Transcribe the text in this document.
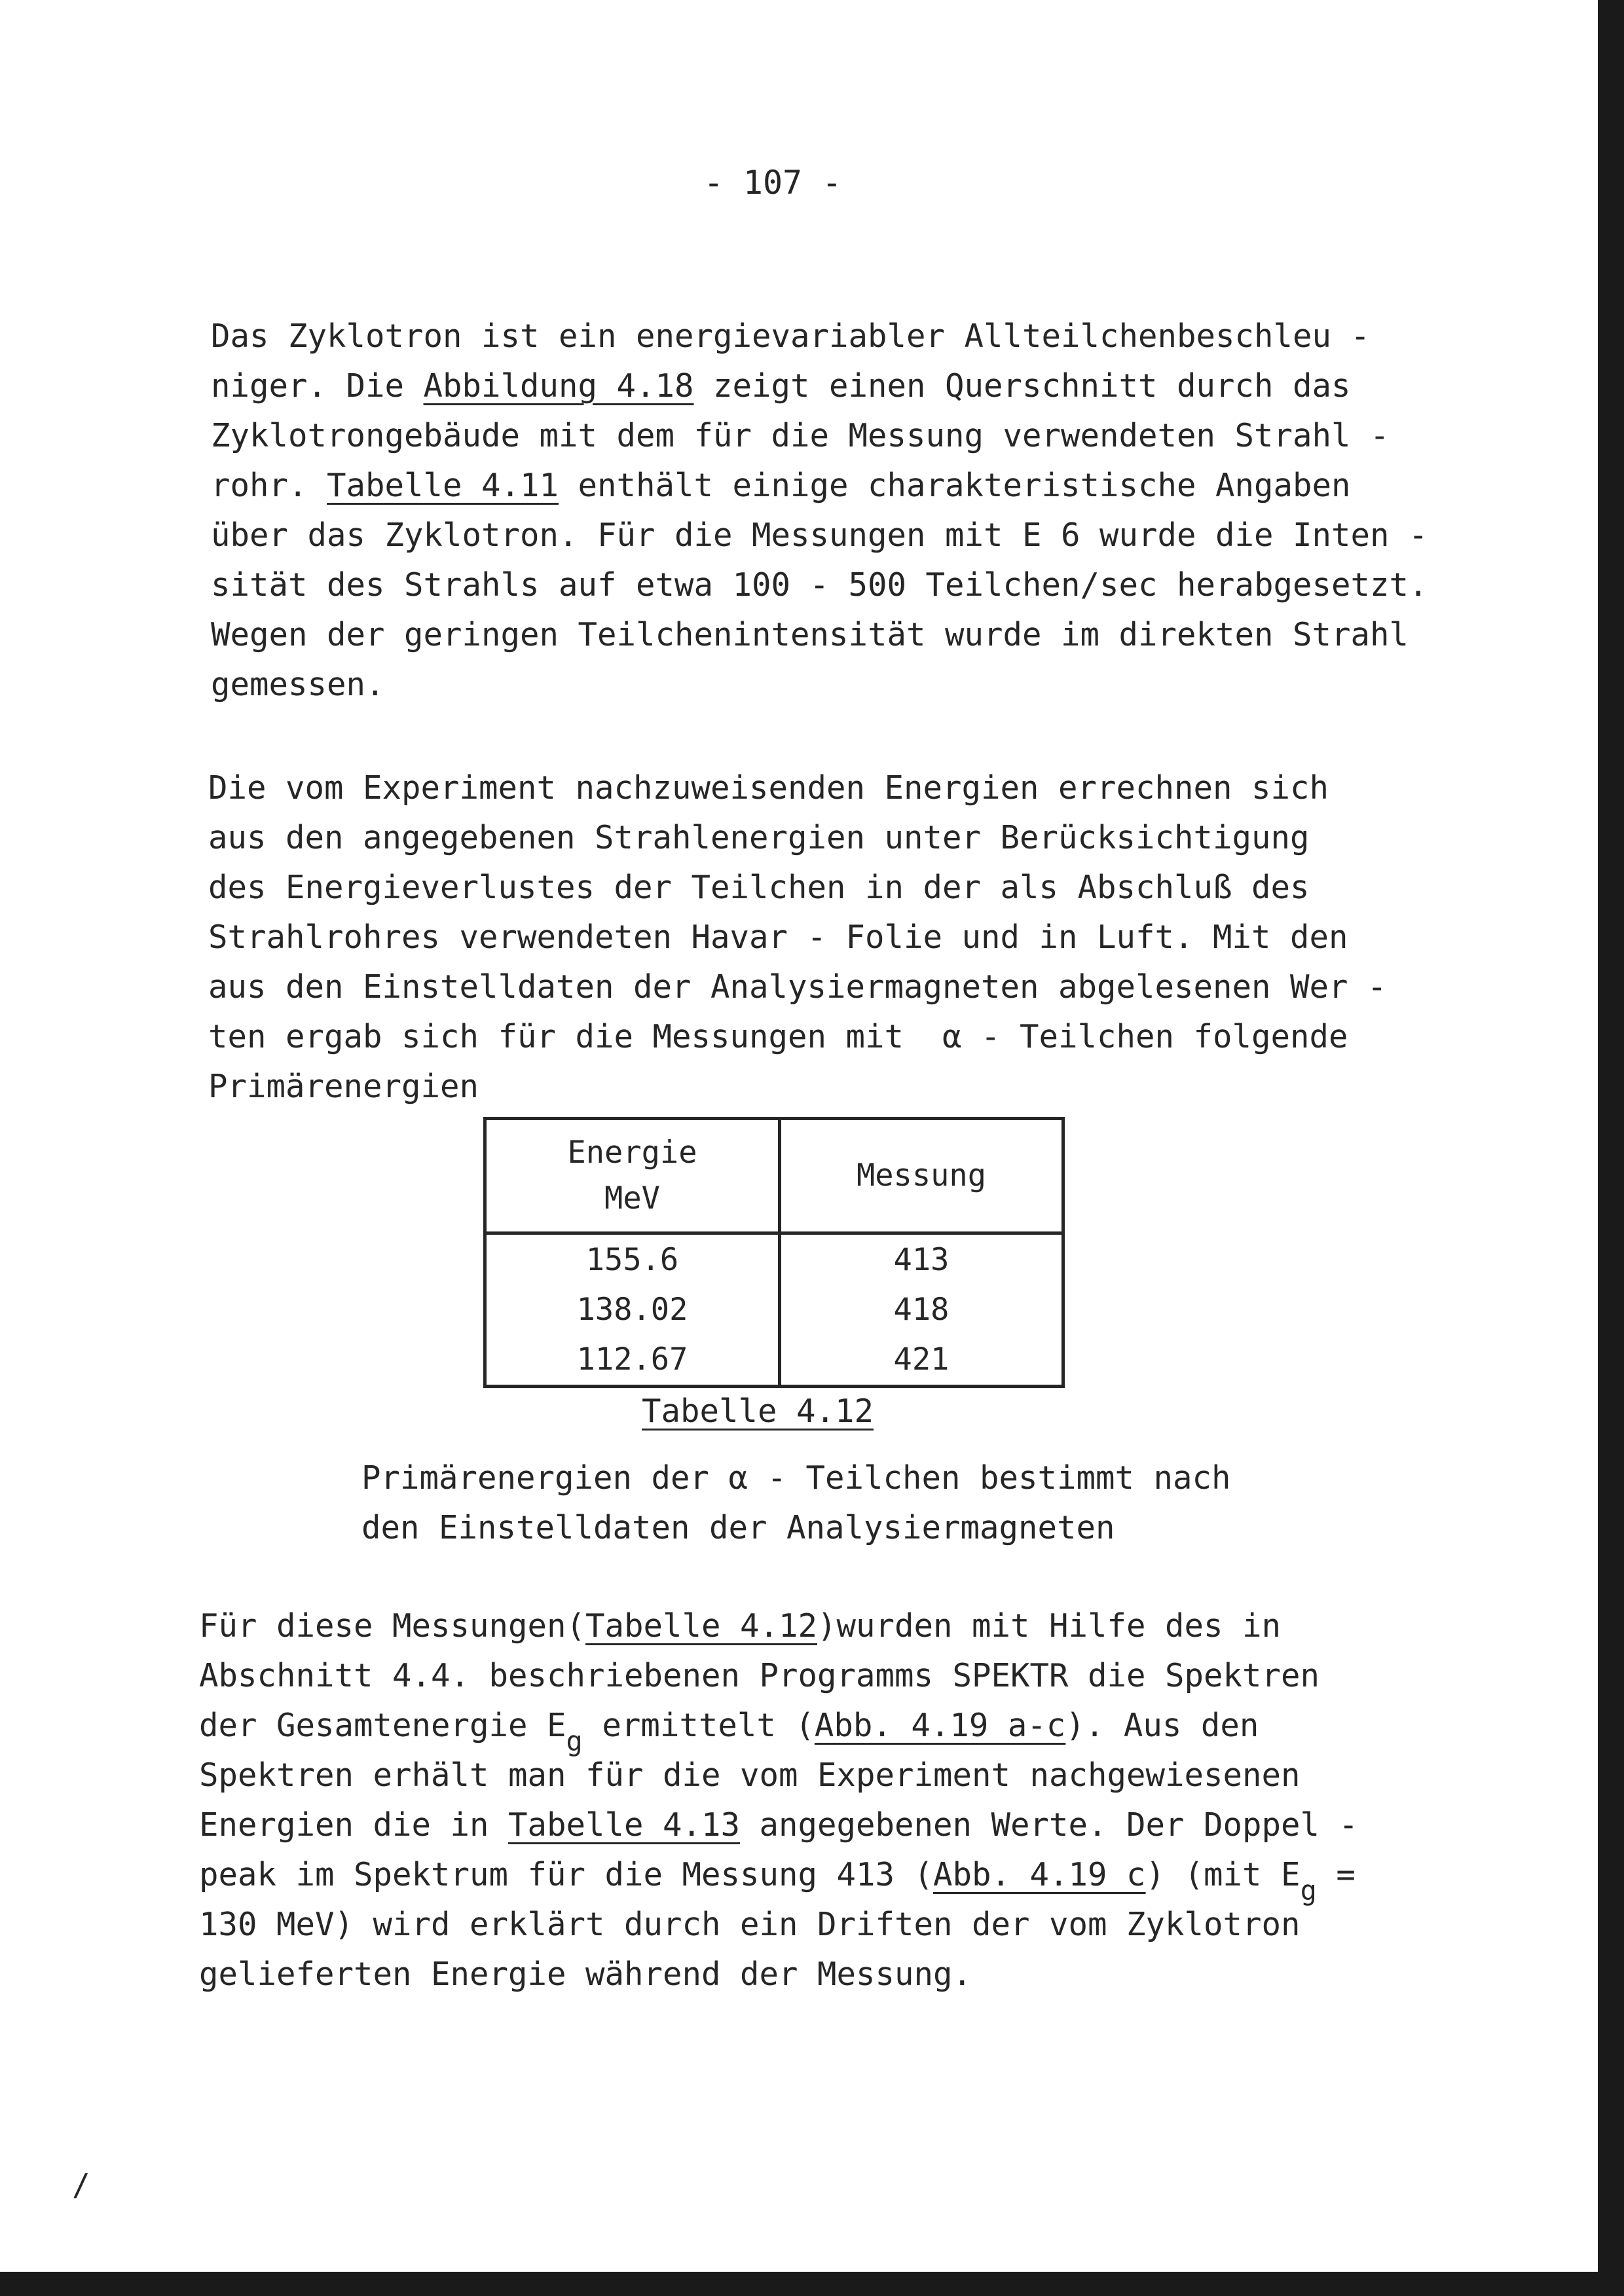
- 107 -
Das Zyklotron ist ein energievariabler Allteilchenbeschleu -
niger. Die Abbildung 4.18 zeigt einen Querschnitt durch das
Zyklotrongebäude mit dem für die Messung verwendeten Strahl -
rohr. Tabelle 4.11 enthält einige charakteristische Angaben
über das Zyklotron. Für die Messungen mit E 6 wurde die Inten -
sität des Strahls auf etwa 100 - 500 Teilchen/sec herabgesetzt.
Wegen der geringen Teilchenintensität wurde im direkten Strahl
gemessen.
Die vom Experiment nachzuweisenden Energien errechnen sich
aus den angegebenen Strahlenergien unter Berücksichtigung
des Energieverlustes der Teilchen in der als Abschluß des
Strahlrohres verwendeten Havar - Folie und in Luft. Mit den
aus den Einstelldaten der Analysiermagneten abgelesenen Wer -
ten ergab sich für die Messungen mit  α - Teilchen folgende
Primärenergien
Energie
MeV	Messung
155.6	413
138.02	418
112.67	421
Tabelle 4.12
Primärenergien der α - Teilchen bestimmt nach
den Einstelldaten der Analysiermagneten
Für diese Messungen(Tabelle 4.12)wurden mit Hilfe des in
Abschnitt 4.4. beschriebenen Programms SPEKTR die Spektren
der Gesamtenergie Eg ermittelt (Abb. 4.19 a-c). Aus den
Spektren erhält man für die vom Experiment nachgewiesenen
Energien die in Tabelle 4.13 angegebenen Werte. Der Doppel -
peak im Spektrum für die Messung 413 (Abb. 4.19 c) (mit Eg =
130 MeV) wird erklärt durch ein Driften der vom Zyklotron
gelieferten Energie während der Messung.
/
